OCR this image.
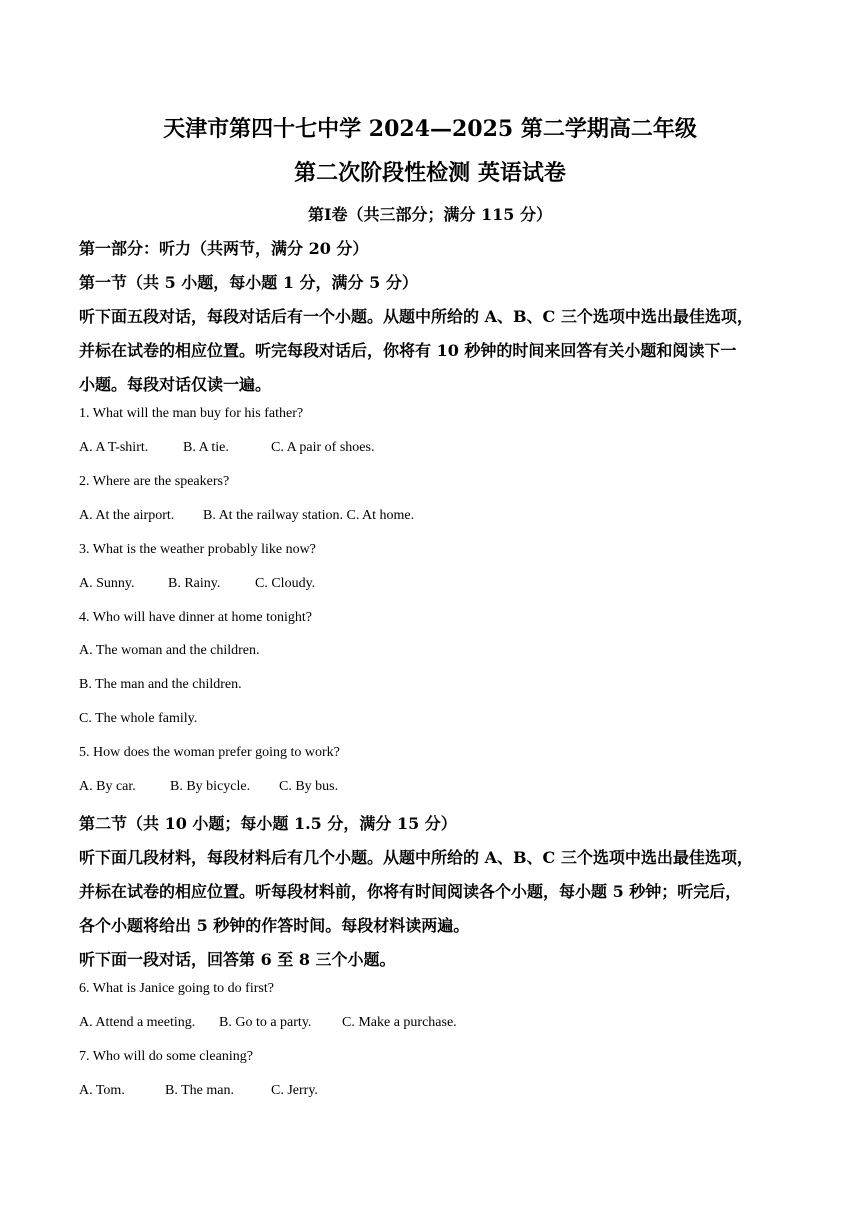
天津市第四十七中学 2024—2025 第二学期高二年级
第二次阶段性检测 英语试卷
第Ⅰ卷（共三部分；满分 115 分）
第一部分：听力（共两节，满分 20 分）
第一节（共 5 小题，每小题 1 分，满分 5 分）
听下面五段对话，每段对话后有一个小题。从题中所给的 A、B、C 三个选项中选出最佳选项，
并标在试卷的相应位置。听完每段对话后，你将有 10 秒钟的时间来回答有关小题和阅读下一
小题。每段对话仅读一遍。
1. What will the man buy for his father?
A. A T-shirt. B. A tie.	C. A pair of shoes.
2. Where are the speakers?
A. At the airport. B. At the railway station. C. At home.
3. What is the weather probably like now?
A. Sunny. B. Rainy. C. Cloudy.
4. Who will have dinner at home tonight?
A. The woman and the children.
B. The man and the children.
C. The whole family.
5. How does the woman prefer going to work?
A. By car. B. By bicycle. C. By bus.
第二节（共 10 小题；每小题 1.5 分，满分 15 分）
听下面几段材料，每段材料后有几个小题。从题中所给的 A、B、C 三个选项中选出最佳选项，
并标在试卷的相应位置。听每段材料前，你将有时间阅读各个小题，每小题 5 秒钟；听完后，
各个小题将给出 5 秒钟的作答时间。每段材料读两遍。
听下面一段对话，回答第 6 至 8 三个小题。
6. What is Janice going to do first?
A. Attend a meeting. B. Go to a party. C. Make a purchase.
7. Who will do some cleaning?
A. Tom.	B. The man.	C. Jerry.
